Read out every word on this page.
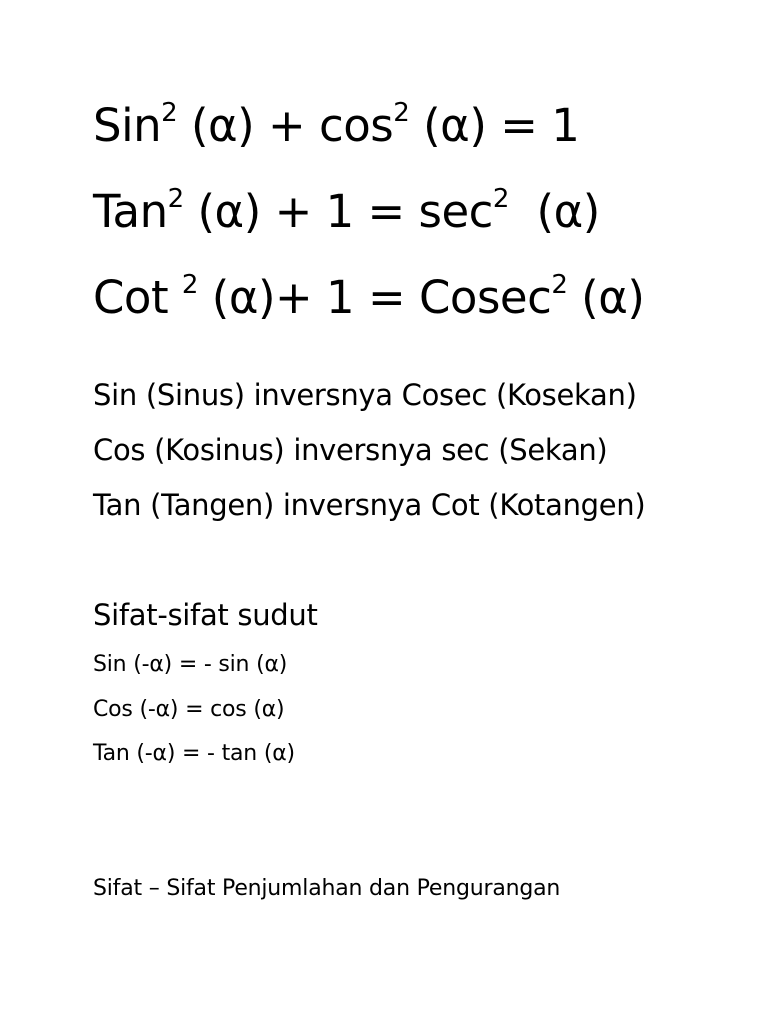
Sin$^2$ $(\alpha) + \cos^2 (\alpha) = 1$

Tan$^2$ $(\alpha) + 1 = \sec^2 (\alpha)$

Cot $^2$ (α)+ 1 = Cosec$^2$ (α)

Sin (Sinus) inversnya Cosec (Kosekan)

Cos (Kosinus) inversnya sec (Sekan)

Tan (Tangen) inversnya Cot (Kotangen)

Sifat-sifat sudut

Sin (-α) = - sin (α)

Cos (-α) = cos (α)

Tan (-α) = - tan (α)

Sifat – Sifat Penjumlahan dan Pengurangan
